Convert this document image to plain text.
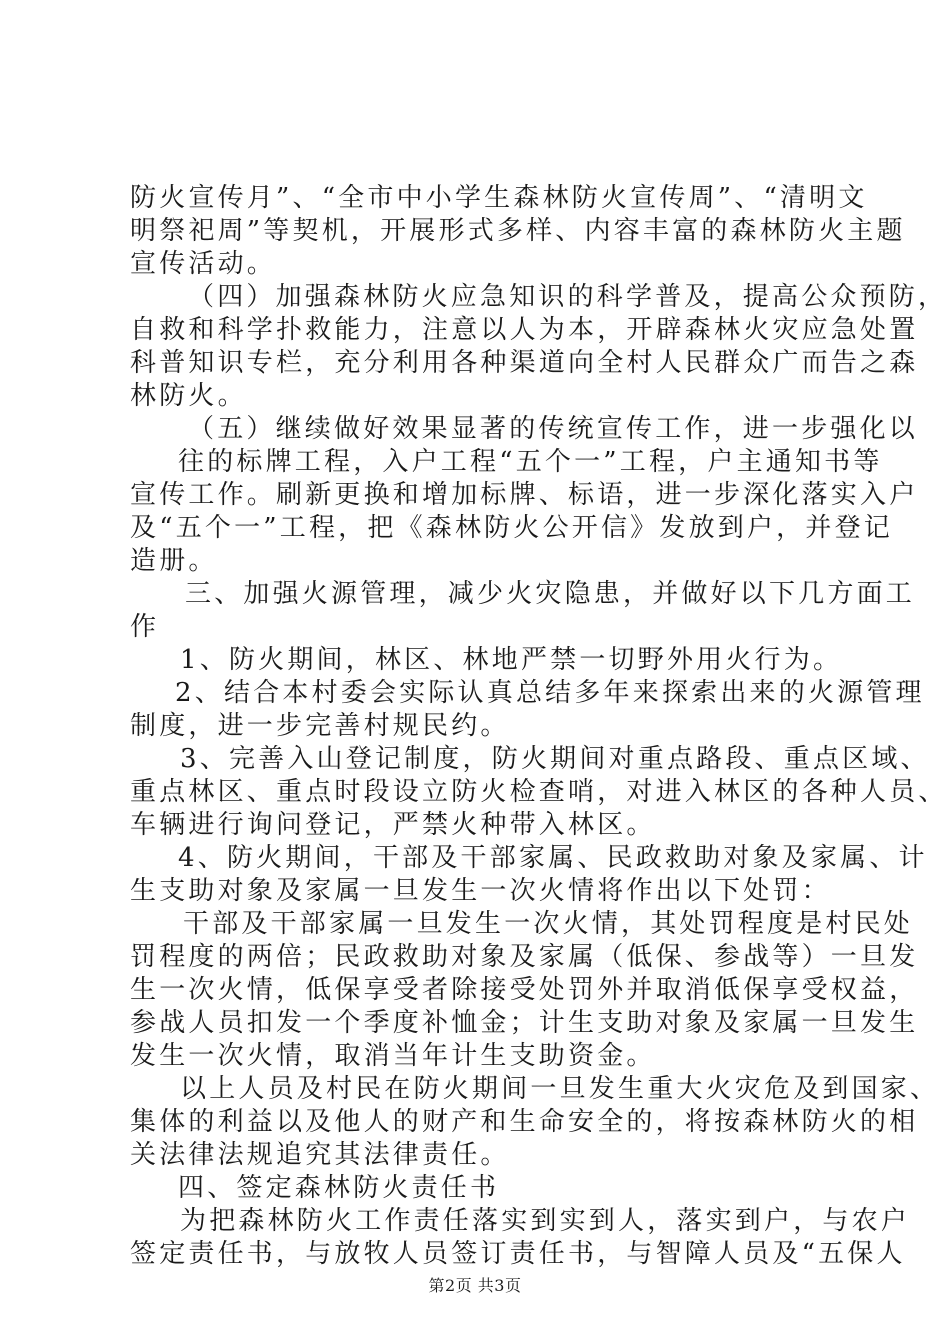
防火宣传月”、“全市中小学生森林防火宣传周”、“清明文
明祭祀周”等契机，开展形式多样、内容丰富的森林防火主题
宣传活动。
（四）加强森林防火应急知识的科学普及，提高公众预防，
自救和科学扑救能力，注意以人为本，开辟森林火灾应急处置
科普知识专栏，充分利用各种渠道向全村人民群众广而告之森
林防火。
（五）继续做好效果显著的传统宣传工作，进一步强化以
往的标牌工程，入户工程“五个一”工程，户主通知书等
宣传工作。刷新更换和增加标牌、标语，进一步深化落实入户
及“五个一”工程，把《森林防火公开信》发放到户，并登记
造册。
三、加强火源管理，减少火灾隐患，并做好以下几方面工
作
1、防火期间，林区、林地严禁一切野外用火行为。
2、结合本村委会实际认真总结多年来探索出来的火源管理
制度，进一步完善村规民约。
3、完善入山登记制度，防火期间对重点路段、重点区域、
重点林区、重点时段设立防火检查哨，对进入林区的各种人员、
车辆进行询问登记，严禁火种带入林区。
4、防火期间，干部及干部家属、民政救助对象及家属、计
生支助对象及家属一旦发生一次火情将作出以下处罚：
干部及干部家属一旦发生一次火情，其处罚程度是村民处
罚程度的两倍；民政救助对象及家属（低保、参战等）一旦发
生一次火情，低保享受者除接受处罚外并取消低保享受权益，
参战人员扣发一个季度补恤金；计生支助对象及家属一旦发生
发生一次火情，取消当年计生支助资金。
以上人员及村民在防火期间一旦发生重大火灾危及到国家、
集体的利益以及他人的财产和生命安全的，将按森林防火的相
关法律法规追究其法律责任。
四、签定森林防火责任书
为把森林防火工作责任落实到实到人，落实到户，与农户
签定责任书，与放牧人员签订责任书，与智障人员及“五保人
第2页 共3页
